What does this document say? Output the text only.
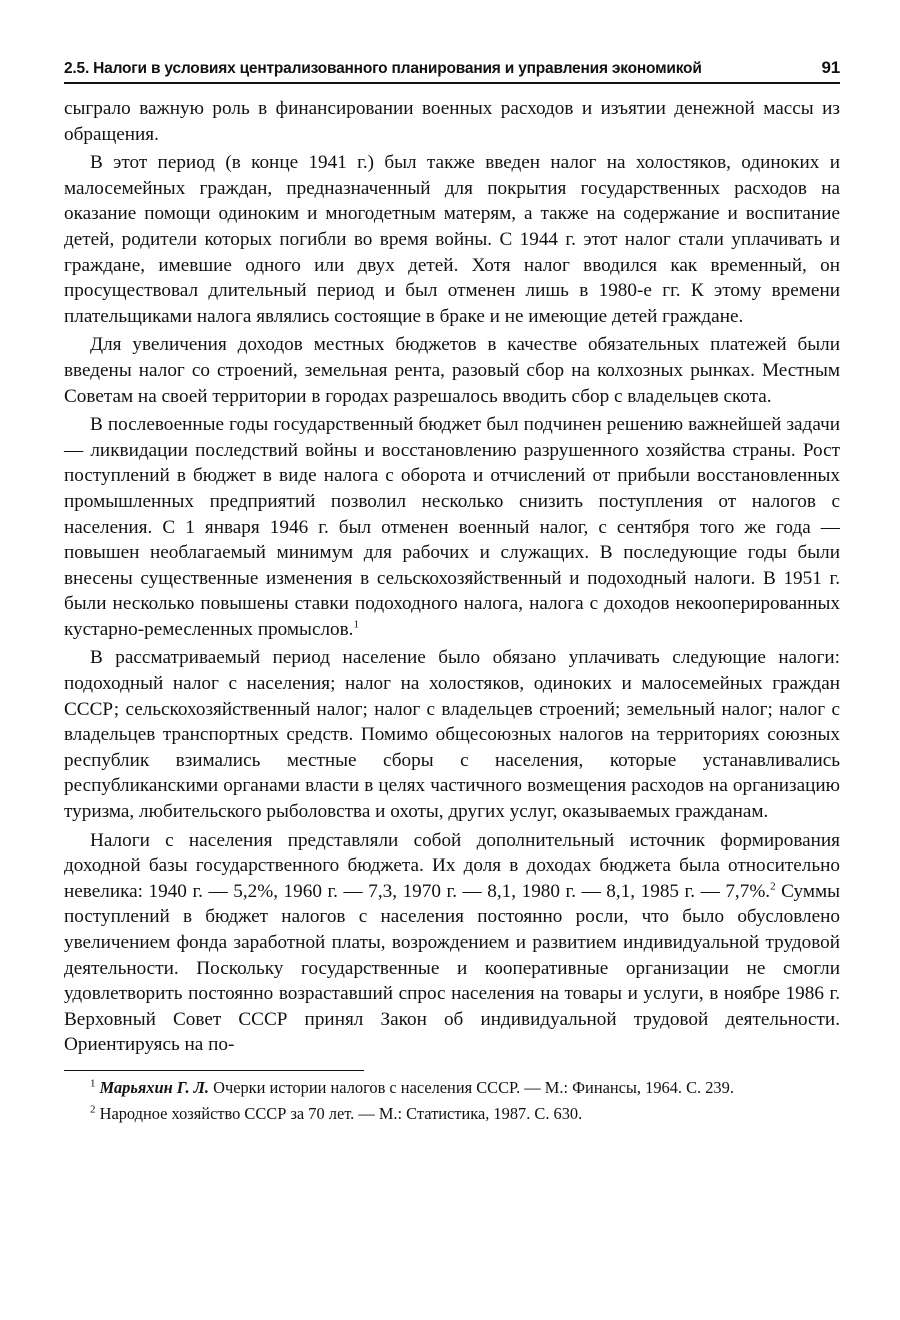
2.5. Налоги в условиях централизованного планирования и управления экономикой	91

сыграло важную роль в финансировании военных расходов и изъятии денежной массы из обращения.

В этот период (в конце 1941 г.) был также введен налог на холостяков, одиноких и малосемейных граждан, предназначенный для покрытия государственных расходов на оказание помощи одиноким и многодетным матерям, а также на содержание и воспитание детей, родители которых погибли во время войны. С 1944 г. этот налог стали уплачивать и граждане, имевшие одного или двух детей. Хотя налог вводился как временный, он просуществовал длительный период и был отменен лишь в 1980-е гг. К этому времени плательщиками налога являлись состоящие в браке и не имеющие детей граждане.

Для увеличения доходов местных бюджетов в качестве обязательных платежей были введены налог со строений, земельная рента, разовый сбор на колхозных рынках. Местным Советам на своей территории в городах разрешалось вводить сбор с владельцев скота.

В послевоенные годы государственный бюджет был подчинен решению важнейшей задачи — ликвидации последствий войны и восстановлению разрушенного хозяйства страны. Рост поступлений в бюджет в виде налога с оборота и отчислений от прибыли восстановленных промышленных предприятий позволил несколько снизить поступления от налогов с населения. С 1 января 1946 г. был отменен военный налог, с сентября того же года — повышен необлагаемый минимум для рабочих и служащих. В последующие годы были внесены существенные изменения в сельскохозяйственный и подоходный налоги. В 1951 г. были несколько повышены ставки подоходного налога, налога с доходов некооперированных кустарно-ремесленных промыслов.$^1$

В рассматриваемый период население было обязано уплачивать следующие налоги: подоходный налог с населения; налог на холостяков, одиноких и малосемейных граждан СССР; сельскохозяйственный налог; налог с владельцев строений; земельный налог; налог с владельцев транспортных средств. Помимо общесоюзных налогов на территориях союзных республик взимались местные сборы с населения, которые устанавливались республиканскими органами власти в целях частичного возмещения расходов на организацию туризма, любительского рыболовства и охоты, других услуг, оказываемых гражданам.

Налоги с населения представляли собой дополнительный источник формирования доходной базы государственного бюджета. Их доля в доходах бюджета была относительно невелика: 1940 г. — 5,2%, 1960 г. — 7,3, 1970 г. — 8,1, 1980 г. — 8,1, 1985 г. — 7,7%.$^2$ Суммы поступлений в бюджет налогов с населения постоянно росли, что было обусловлено увеличением фонда заработной платы, возрождением и развитием индивидуальной трудовой деятельности. Поскольку государственные и кооперативные организации не смогли удовлетворить постоянно возраставший спрос населения на товары и услуги, в ноябре 1986 г. Верховный Совет СССР принял Закон об индивидуальной трудовой деятельности. Ориентируясь на по-

$^1$ Марьяхин Г. Л. Очерки истории налогов с населения СССР. — М.: Финансы, 1964. С. 239.

$^2$ Народное хозяйство СССР за 70 лет. — М.: Статистика, 1987. С. 630.
